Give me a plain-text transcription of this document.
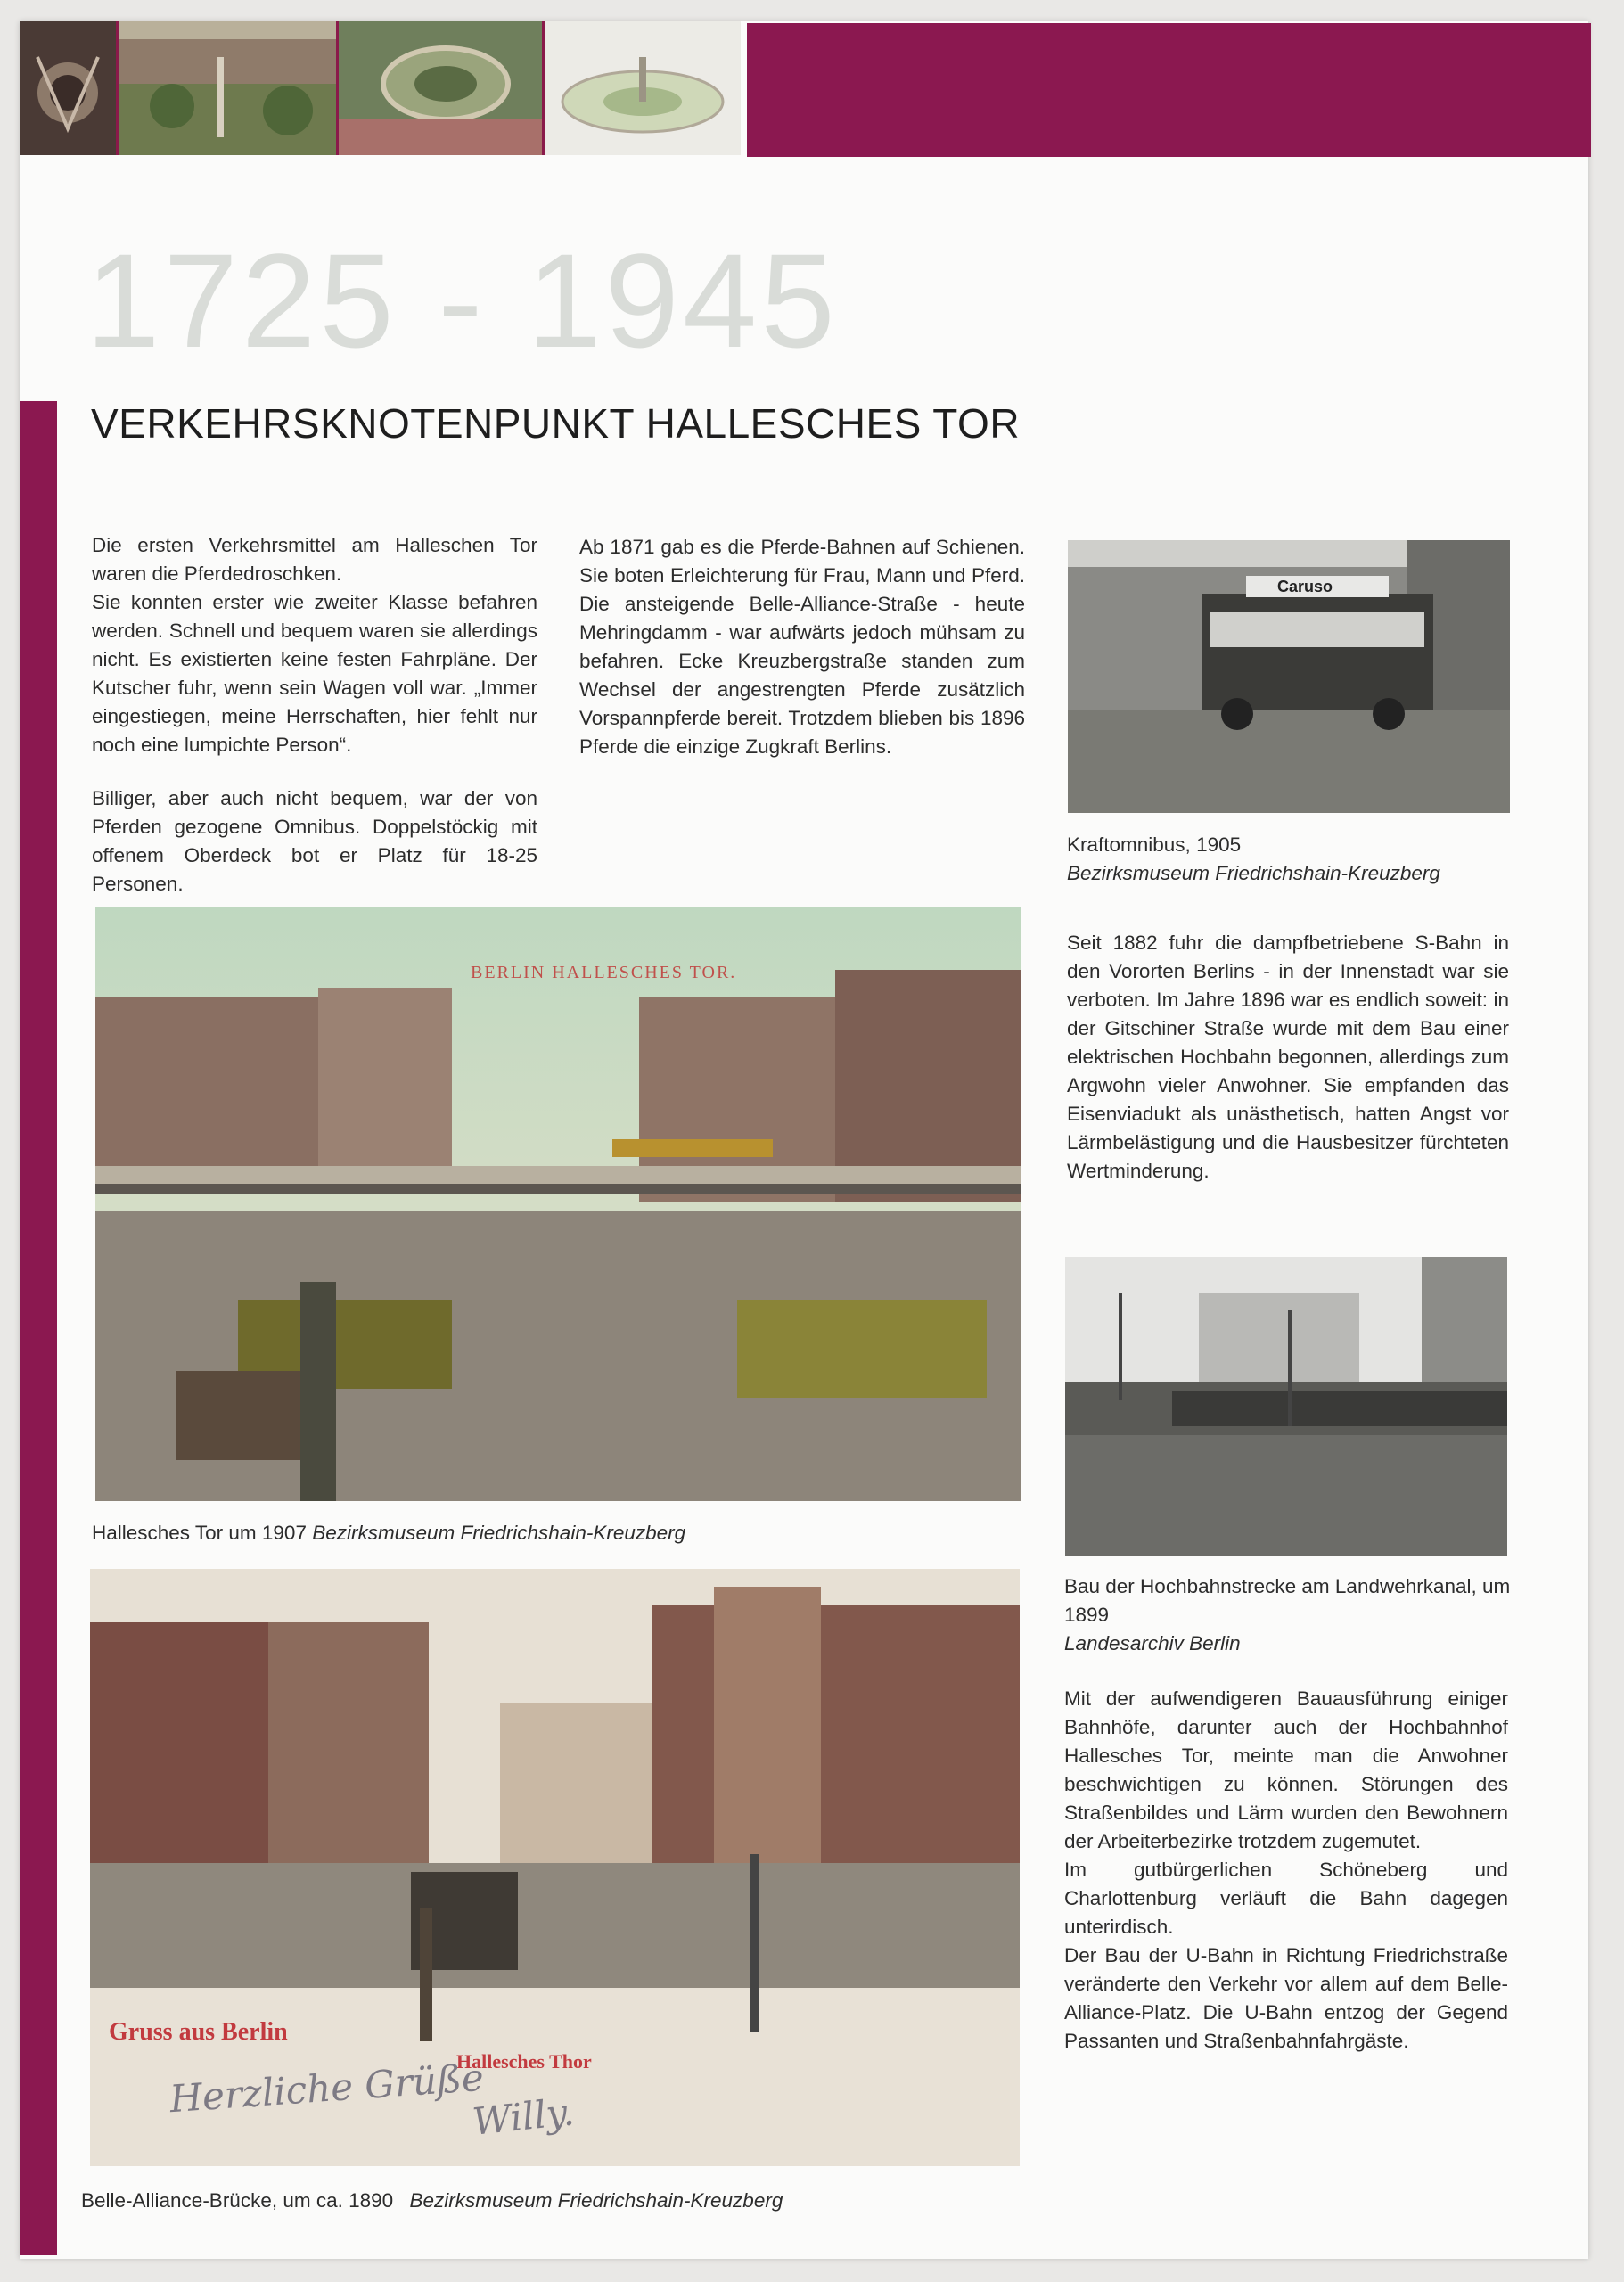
1725 - 1945
VERKEHRSKNOTENPUNKT HALLESCHES TOR
Die ersten Verkehrsmittel am Halleschen Tor waren die Pferdedroschken.
Sie konnten erster wie zweiter Klasse befahren werden. Schnell und bequem waren sie allerdings nicht. Es existierten keine festen Fahrpläne. Der Kutscher fuhr, wenn sein Wagen voll war. „Immer eingestiegen, meine Herrschaften, hier fehlt nur noch eine lumpichte Person“.
Billiger, aber auch nicht bequem, war der von Pferden gezogene Omnibus. Doppelstöckig mit offenem Oberdeck bot er Platz für 18-25 Personen.
Ab 1871 gab es die Pferde-Bahnen auf Schienen. Sie boten Erleichterung für Frau, Mann und Pferd. Die ansteigende Belle-Alliance-Straße - heute Mehringdamm - war aufwärts jedoch mühsam zu befahren. Ecke Kreuzbergstraße standen zum Wechsel der angestrengten Pferde zusätzlich Vorspannpferde bereit. Trotzdem blieben bis 1896 Pferde die einzige Zugkraft Berlins.
Caruso
Kraftomnibus, 1905
Bezirksmuseum Friedrichshain-Kreuzberg
Seit 1882 fuhr die dampfbetriebene S-Bahn in den Vororten Berlins - in der Innenstadt war sie verboten. Im Jahre 1896 war es endlich soweit: in der Gitschiner Straße wurde mit dem Bau einer elektrischen Hochbahn begonnen, allerdings zum Argwohn vieler Anwohner. Sie empfanden das Eisenviadukt als unästhetisch, hatten Angst vor Lärmbelästigung und die Hausbesitzer fürchteten Wertminderung.
BERLIN HALLESCHES TOR.
Hallesches Tor um 1907 Bezirksmuseum Friedrichshain-Kreuzberg
Bau der Hochbahnstrecke am Landwehrkanal, um 1899
Landesarchiv Berlin
Mit der aufwendigeren Bauausführung einiger Bahnhöfe, darunter auch der Hochbahnhof Hallesches Tor, meinte man die Anwohner beschwichtigen zu können. Störungen des Straßenbildes und Lärm wurden den Bewohnern der Arbeiterbezirke trotzdem zugemutet.
Im gutbürgerlichen Schöneberg und Charlottenburg verläuft die Bahn dagegen unterirdisch.
Der Bau der U-Bahn in Richtung Friedrichstraße veränderte den Verkehr vor allem auf dem Belle-Alliance-Platz. Die U-Bahn entzog der Gegend Passanten und Straßenbahnfahrgäste.
Gruss aus Berlin
Hallesches Thor
Herzliche Grüße
Willy.
Belle-Alliance-Brücke, um ca. 1890 Bezirksmuseum Friedrichshain-Kreuzberg
